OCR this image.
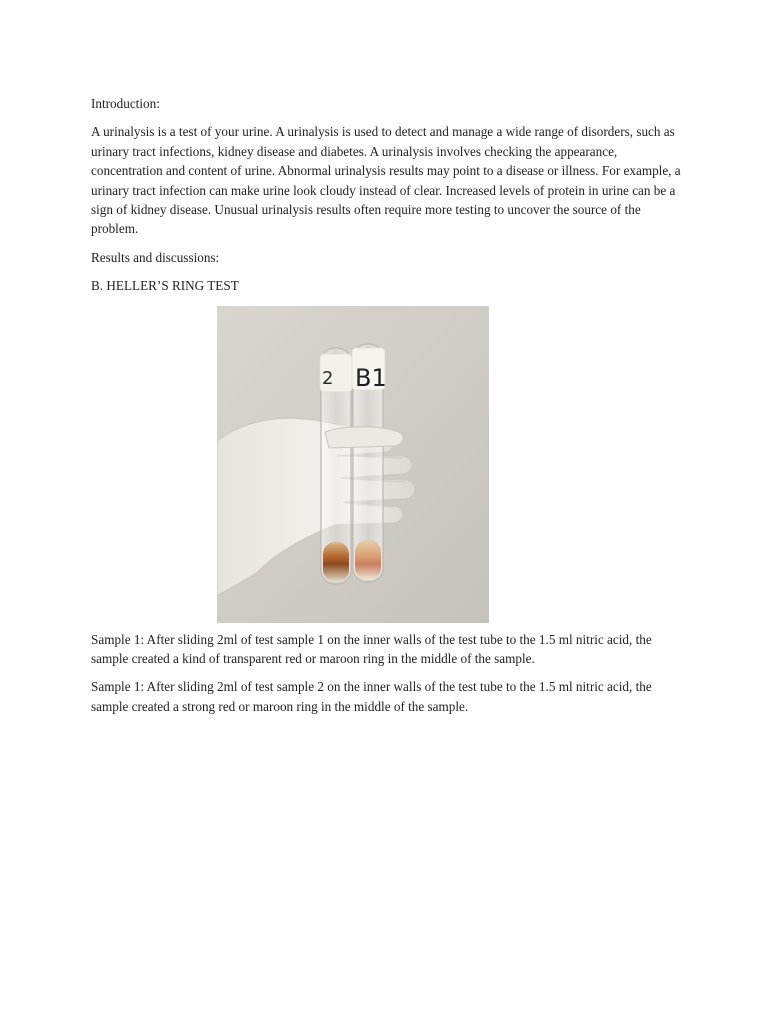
Introduction:

A urinalysis is a test of your urine. A urinalysis is used to detect and manage a wide range of disorders, such as urinary tract infections, kidney disease and diabetes. A urinalysis involves checking the appearance, concentration and content of urine. Abnormal urinalysis results may point to a disease or illness. For example, a urinary tract infection can make urine look cloudy instead of clear. Increased levels of protein in urine can be a sign of kidney disease. Unusual urinalysis results often require more testing to uncover the source of the problem.

Results and discussions:

B. HELLER’S RING TEST

2 B1

Sample 1: After sliding 2ml of test sample 1 on the inner walls of the test tube to the 1.5 ml nitric acid, the sample created a kind of transparent red or maroon ring in the middle of the sample.

Sample 1: After sliding 2ml of test sample 2 on the inner walls of the test tube to the 1.5 ml nitric acid, the sample created a strong red or maroon ring in the middle of the sample.
